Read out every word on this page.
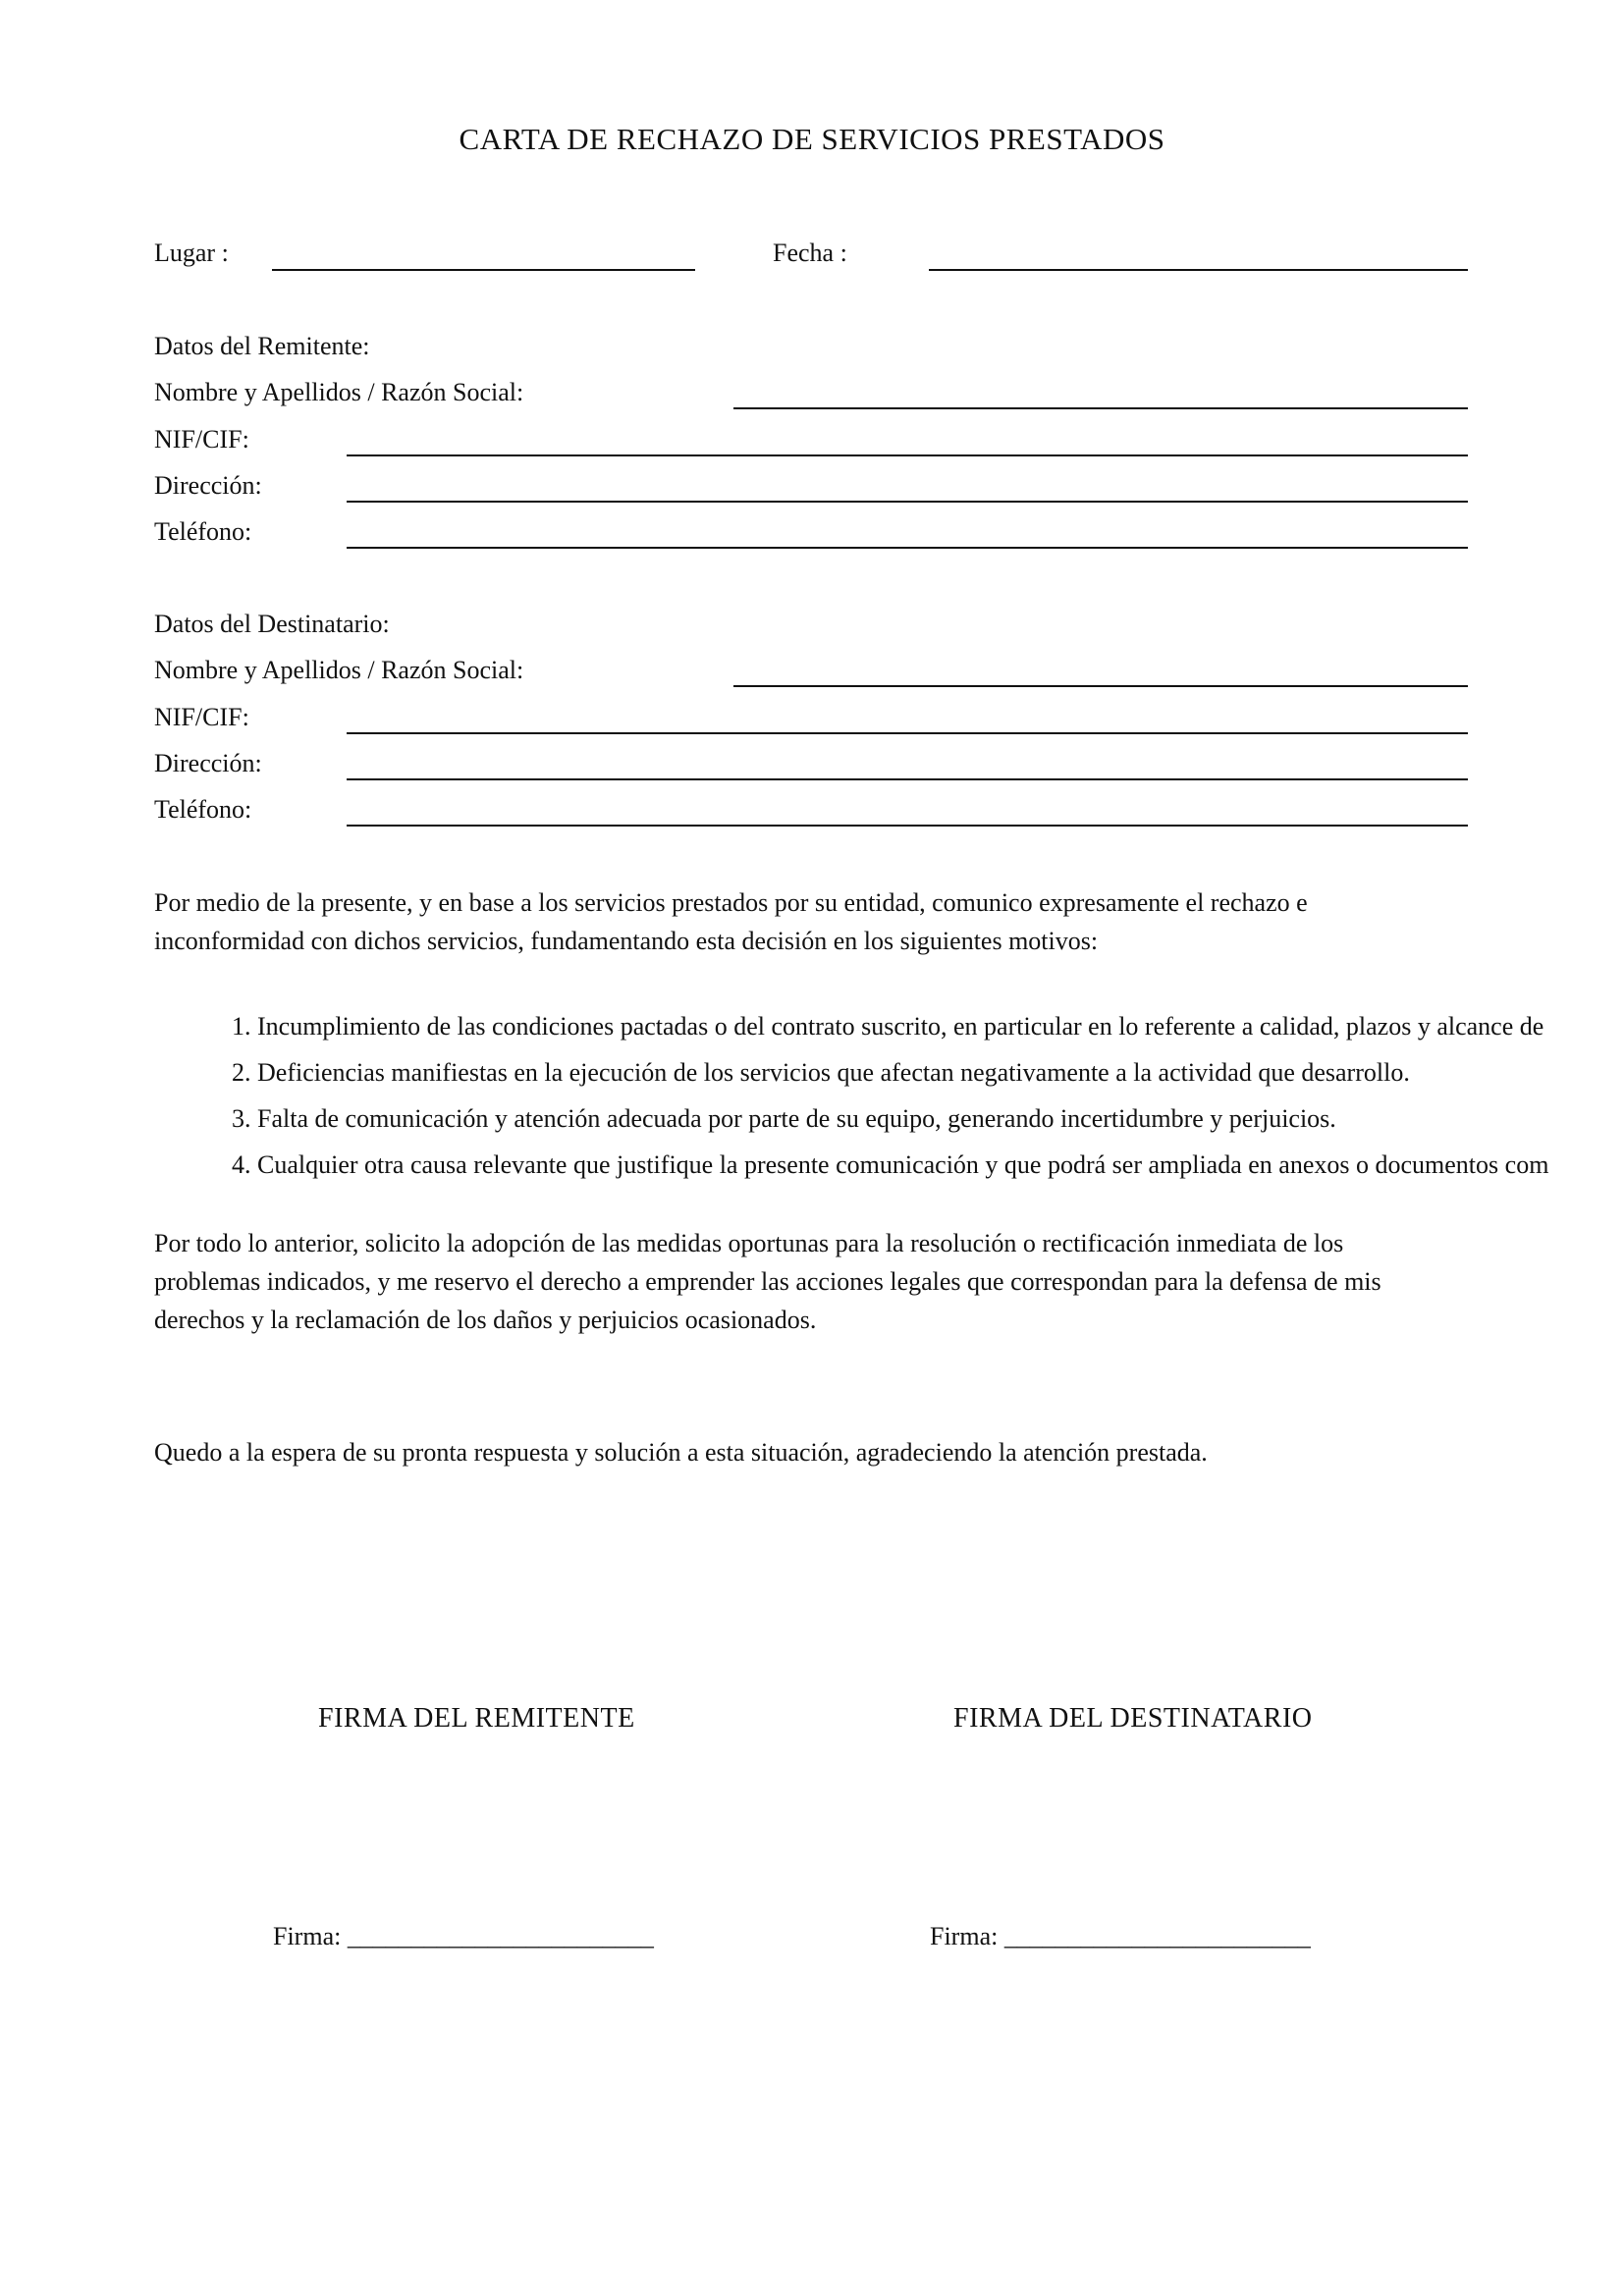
CARTA DE RECHAZO DE SERVICIOS PRESTADOS
Lugar :	Fecha :
Datos del Remitente:
Nombre y Apellidos / Razón Social:
NIF/CIF:
Dirección:
Teléfono:
Datos del Destinatario:
Nombre y Apellidos / Razón Social:
NIF/CIF:
Dirección:
Teléfono:
Por medio de la presente, y en base a los servicios prestados por su entidad, comunico expresamente el rechazo e
inconformidad con dichos servicios, fundamentando esta decisión en los siguientes motivos:
1. Incumplimiento de las condiciones pactadas o del contrato suscrito, en particular en lo referente a calidad, plazos y alcance de
2. Deficiencias manifiestas en la ejecución de los servicios que afectan negativamente a la actividad que desarrollo.
3. Falta de comunicación y atención adecuada por parte de su equipo, generando incertidumbre y perjuicios.
4. Cualquier otra causa relevante que justifique la presente comunicación y que podrá ser ampliada en anexos o documentos com
Por todo lo anterior, solicito la adopción de las medidas oportunas para la resolución o rectificación inmediata de los
problemas indicados, y me reservo el derecho a emprender las acciones legales que correspondan para la defensa de mis
derechos y la reclamación de los daños y perjuicios ocasionados.
Quedo a la espera de su pronta respuesta y solución a esta situación, agradeciendo la atención prestada.
FIRMA DEL REMITENTE	FIRMA DEL DESTINATARIO
Firma: ________________________	Firma: ________________________
